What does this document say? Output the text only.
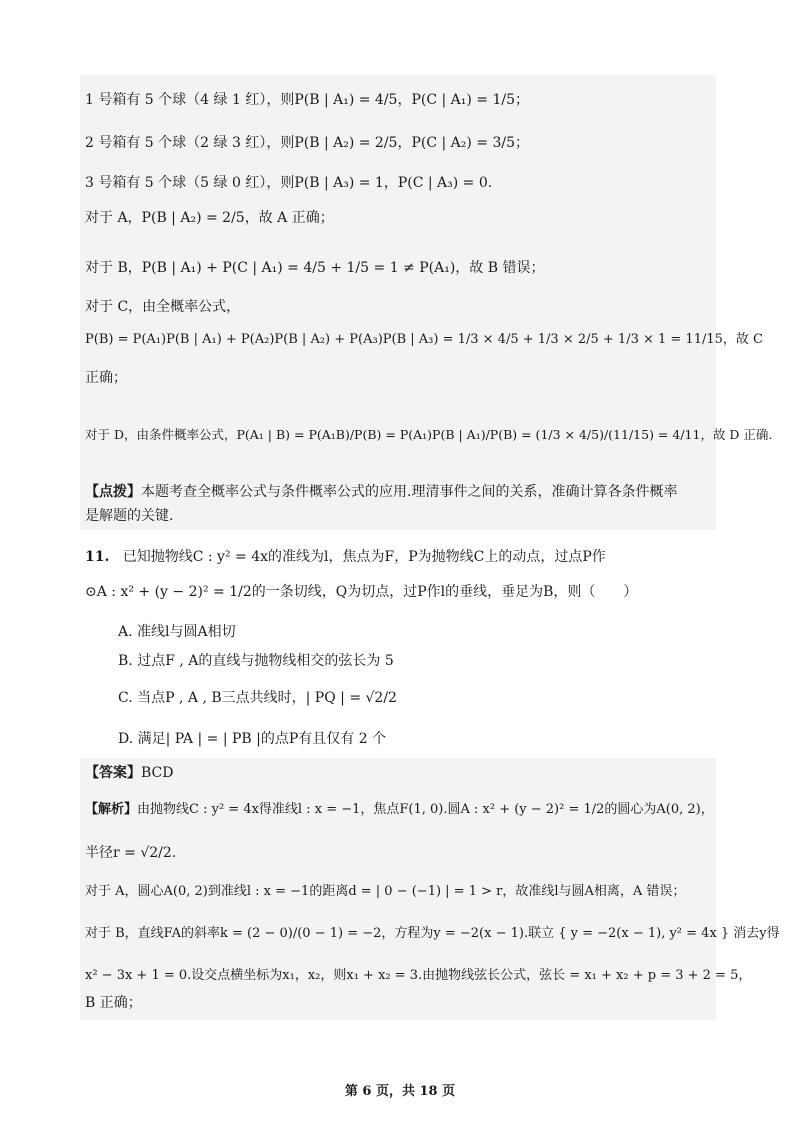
1 号箱有 5 个球（4 绿 1 红），则P(B | A₁) = 4/5，P(C | A₁) = 1/5；
2 号箱有 5 个球（2 绿 3 红），则P(B | A₂) = 2/5，P(C | A₂) = 3/5；
3 号箱有 5 个球（5 绿 0 红），则P(B | A₃) = 1，P(C | A₃) = 0.
对于 A，P(B | A₂) = 2/5，故 A 正确；
对于 B，P(B | A₁) + P(C | A₁) = 4/5 + 1/5 = 1 ≠ P(A₁)，故 B 错误；
对于 C，由全概率公式，
P(B) = P(A₁)P(B | A₁) + P(A₂)P(B | A₂) + P(A₃)P(B | A₃) = 1/3 × 4/5 + 1/3 × 2/5 + 1/3 × 1 = 11/15，故 C
正确；
对于 D，由条件概率公式，P(A₁ | B) = P(A₁B)/P(B) = P(A₁)P(B | A₁)/P(B) = (1/3 × 4/5)/(11/15) = 4/11，故 D 正确.
【点拨】本题考查全概率公式与条件概率公式的应用.理清事件之间的关系，准确计算各条件概率
是解题的关键.
11. 已知抛物线C : y² = 4x的准线为l，焦点为F，P为抛物线C上的动点，过点P作
⊙A : x² + (y − 2)² = 1/2的一条切线，Q为切点，过P作l的垂线，垂足为B，则（　　）
A. 准线l与圆A相切
B. 过点F , A的直线与抛物线相交的弦长为 5
C. 当点P , A , B三点共线时，| PQ | = √2/2
D. 满足| PA | = | PB |的点P有且仅有 2 个
【答案】BCD
【解析】由抛物线C : y² = 4x得准线l : x = −1，焦点F(1, 0).圆A : x² + (y − 2)² = 1/2的圆心为A(0, 2)，
半径r = √2/2.
对于 A，圆心A(0, 2)到准线l : x = −1的距离d = | 0 − (−1) | = 1 > r，故准线l与圆A相离，A 错误；
对于 B，直线FA的斜率k = (2 − 0)/(0 − 1) = −2，方程为y = −2(x − 1).联立 { y = −2(x − 1), y² = 4x } 消去y得
x² − 3x + 1 = 0.设交点横坐标为x₁，x₂，则x₁ + x₂ = 3.由抛物线弦长公式，弦长 = x₁ + x₂ + p = 3 + 2 = 5，
B 正确；
第 6 页，共 18 页
